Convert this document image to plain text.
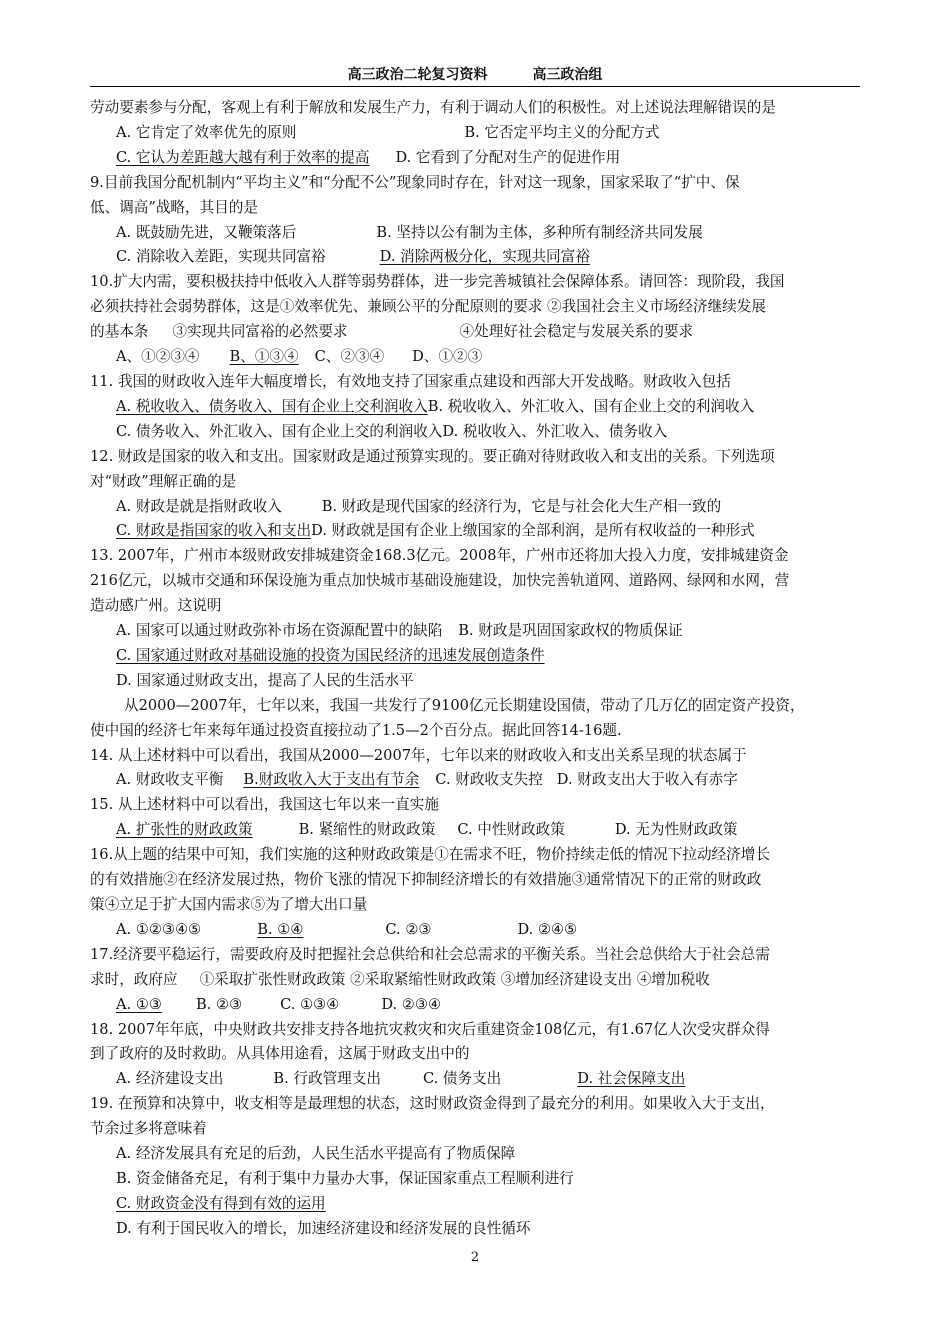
高三政治二轮复习资料	高三政治组
劳动要素参与分配，客观上有利于解放和发展生产力，有利于调动人们的积极性。对上述说法理解错误的是
A. 它肯定了效率优先的原则	B. 它否定平均主义的分配方式
C. 它认为差距越大越有利于效率的提高 D. 它看到了分配对生产的促进作用
9.目前我国分配机制内“平均主义”和“分配不公”现象同时存在，针对这一现象，国家采取了“扩中、保
低、调高”战略，其目的是
A. 既鼓励先进，又鞭策落后	B. 坚持以公有制为主体，多种所有制经济共同发展
C. 消除收入差距，实现共同富裕	D. 消除两极分化，实现共同富裕
10.扩大内需，要积极扶持中低收入人群等弱势群体，进一步完善城镇社会保障体系。请回答：现阶段，我国
必须扶持社会弱势群体，这是①效率优先、兼顾公平的分配原则的要求 ②我国社会主义市场经济继续发展
的基本条 ③实现共同富裕的必然要求	④处理好社会稳定与发展关系的要求
A、①②③④ B、①③④ C、②③④ D、①②③
11. 我国的财政收入连年大幅度增长，有效地支持了国家重点建设和西部大开发战略。财政收入包括
A. 税收收入、债务收入、国有企业上交利润收入B. 税收收入、外汇收入、国有企业上交的利润收入
C. 债务收入、外汇收入、国有企业上交的利润收入D. 税收收入、外汇收入、债务收入
12. 财政是国家的收入和支出。国家财政是通过预算实现的。要正确对待财政收入和支出的关系。下列选项
对“财政”理解正确的是
A. 财政是就是指财政收入	B. 财政是现代国家的经济行为，它是与社会化大生产相一致的
C. 财政是指国家的收入和支出D. 财政就是国有企业上缴国家的全部利润，是所有权收益的一种形式
13. 2007年，广州市本级财政安排城建资金168.3亿元。2008年，广州市还将加大投入力度，安排城建资金
216亿元，以城市交通和环保设施为重点加快城市基础设施建设，加快完善轨道网、道路网、绿网和水网，营
造动感广州。这说明
A. 国家可以通过财政弥补市场在资源配置中的缺陷 B. 财政是巩固国家政权的物质保证
C. 国家通过财政对基础设施的投资为国民经济的迅速发展创造条件
D. 国家通过财政支出，提高了人民的生活水平
从2000—2007年，七年以来，我国一共发行了9100亿元长期建设国债，带动了几万亿的固定资产投资，
使中国的经济七年来每年通过投资直接拉动了1.5—2个百分点。据此回答14-16题.
14. 从上述材料中可以看出，我国从2000—2007年，七年以来的财政收入和支出关系呈现的状态属于
A. 财政收支平衡 B.财政收入大于支出有节余 C. 财政收支失控 D. 财政支出大于收入有赤字
15. 从上述材料中可以看出，我国这七年以来一直实施
A. 扩张性的财政政策	B. 紧缩性的财政政策 C. 中性财政政策	D. 无为性财政政策
16.从上题的结果中可知，我们实施的这种财政政策是①在需求不旺，物价持续走低的情况下拉动经济增长
的有效措施②在经济发展过热，物价飞涨的情况下抑制经济增长的有效措施③通常情况下的正常的财政政
策④立足于扩大国内需求⑤为了增大出口量
A. ①②③④⑤	B. ①④	C. ②③	D. ②④⑤
17.经济要平稳运行，需要政府及时把握社会总供给和社会总需求的平衡关系。当社会总供给大于社会总需
求时，政府应 ①采取扩张性财政政策 ②采取紧缩性财政政策 ③增加经济建设支出 ④增加税收
A. ①③ B. ②③	C. ①③④	D. ②③④
18. 2007年年底，中央财政共安排支持各地抗灾救灾和灾后重建资金108亿元，有1.67亿人次受灾群众得
到了政府的及时救助。从具体用途看，这属于财政支出中的
A. 经济建设支出	B. 行政管理支出	C. 债务支出	D. 社会保障支出
19. 在预算和决算中，收支相等是最理想的状态，这时财政资金得到了最充分的利用。如果收入大于支出，
节余过多将意味着
A. 经济发展具有充足的后劲，人民生活水平提高有了物质保障
B. 资金储备充足，有利于集中力量办大事，保证国家重点工程顺利进行
C. 财政资金没有得到有效的运用
D. 有利于国民收入的增长，加速经济建设和经济发展的良性循环
2
